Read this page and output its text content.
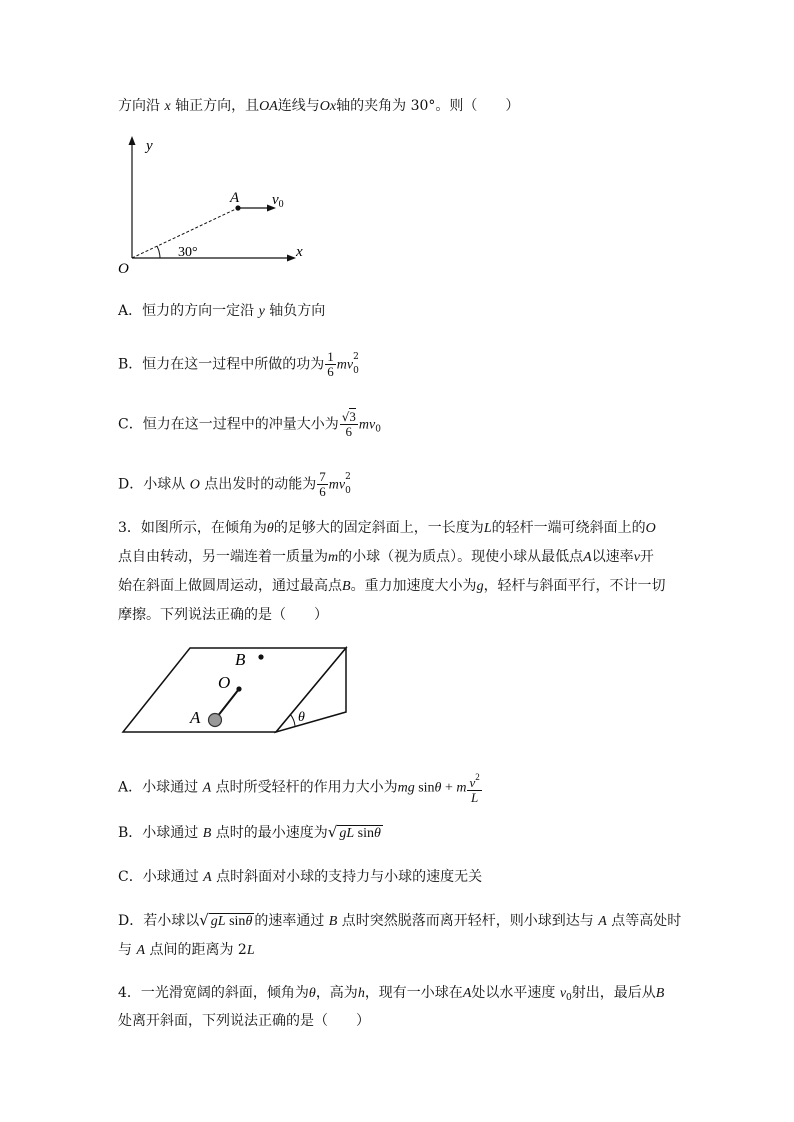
方向沿 x 轴正方向，且OA连线与Ox轴的夹角为 30°。则（　　）
y
x
O
A $v_0$
30°
A．恒力的方向一定沿 y 轴负方向
B．恒力在这一过程中所做的功为 $\frac{1}{6}$ mv
2
0
C．恒力在这一过程中的冲量大小为 $\frac{√3}{6} mv_0$
D．小球从 O 点出发时的动能为 $\frac{7}{6}$ mv
2
0
3．如图所示，在倾角为θ的足够大的固定斜面上，一长度为L的轻杆一端可绕斜面上的O
点自由转动，另一端连着一质量为m的小球（视为质点）。现使小球从最低点A以速率v开
始在斜面上做圆周运动，通过最高点B。重力加速度大小为g，轻杆与斜面平行，不计一切
摩擦。下列说法正确的是（　　）
B
O
A	θ
A．小球通过 A 点时所受轻杆的作用力大小为mg sinθ + m $\frac{v^2}{L}$
B．小球通过 B 点时的最小速度为√ gL sinθ
C．小球通过 A 点时斜面对小球的支持力与小球的速度无关
D．若小球以√ gL sinθ 的速率通过 B 点时突然脱落而离开轻杆，则小球到达与 A 点等高处时
与 A 点间的距离为 2L
4．一光滑宽阔的斜面，倾角为θ，高为h，现有一小球在A处以水平速度 $v_0$射出，最后从B
处离开斜面，下列说法正确的是（　　）
